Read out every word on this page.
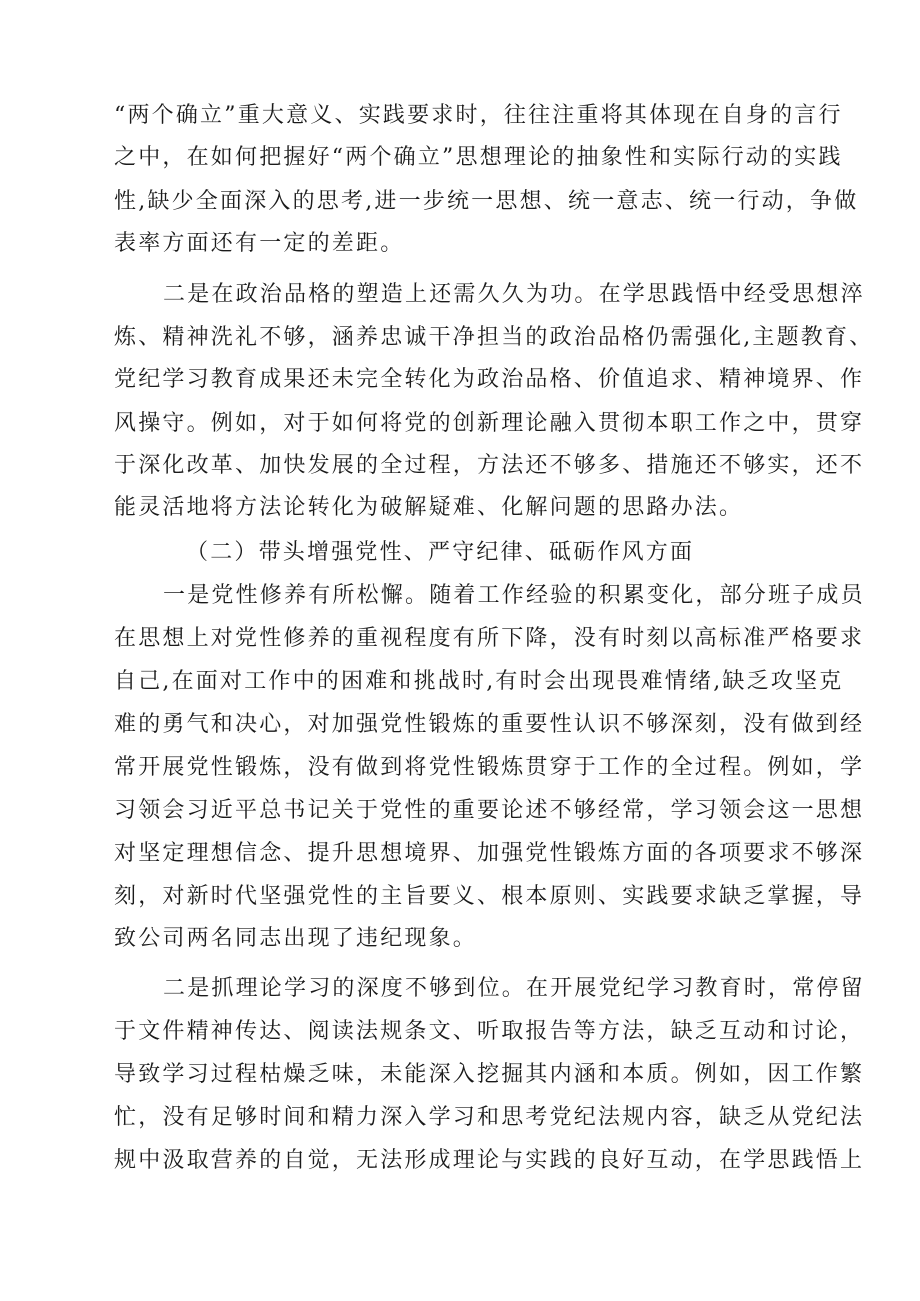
“两个确立”重大意义、实践要求时，往往注重将其体现在自身的言行
之中，在如何把握好“两个确立”思想理论的抽象性和实际行动的实践
性,缺少全面深入的思考,进一步统一思想、统一意志、统一行动，争做
表率方面还有一定的差距。
二是在政治品格的塑造上还需久久为功。在学思践悟中经受思想淬
炼、精神洗礼不够，涵养忠诚干净担当的政治品格仍需强化,主题教育、
党纪学习教育成果还未完全转化为政治品格、价值追求、精神境界、作
风操守。例如，对于如何将党的创新理论融入贯彻本职工作之中，贯穿
于深化改革、加快发展的全过程，方法还不够多、措施还不够实，还不
能灵活地将方法论转化为破解疑难、化解问题的思路办法。
（二）带头增强党性、严守纪律、砥砺作风方面
一是党性修养有所松懈。随着工作经验的积累变化，部分班子成员
在思想上对党性修养的重视程度有所下降，没有时刻以高标准严格要求
自己,在面对工作中的困难和挑战时,有时会出现畏难情绪,缺乏攻坚克
难的勇气和决心，对加强党性锻炼的重要性认识不够深刻，没有做到经
常开展党性锻炼，没有做到将党性锻炼贯穿于工作的全过程。例如，学
习领会习近平总书记关于党性的重要论述不够经常，学习领会这一思想
对坚定理想信念、提升思想境界、加强党性锻炼方面的各项要求不够深
刻，对新时代坚强党性的主旨要义、根本原则、实践要求缺乏掌握，导
致公司两名同志出现了违纪现象。
二是抓理论学习的深度不够到位。在开展党纪学习教育时，常停留
于文件精神传达、阅读法规条文、听取报告等方法，缺乏互动和讨论，
导致学习过程枯燥乏味，未能深入挖掘其内涵和本质。例如，因工作繁
忙，没有足够时间和精力深入学习和思考党纪法规内容，缺乏从党纪法
规中汲取营养的自觉，无法形成理论与实践的良好互动，在学思践悟上
